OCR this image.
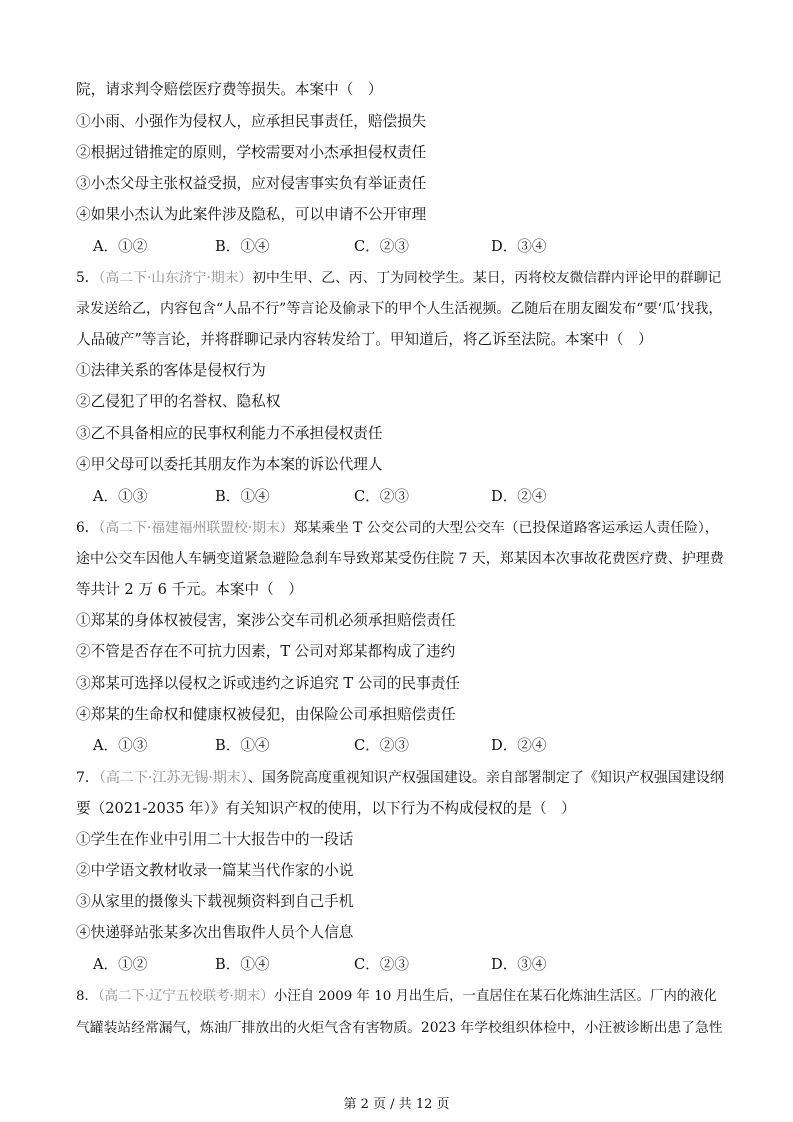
院，请求判令赔偿医疗费等损失。本案中（　）
①小雨、小强作为侵权人，应承担民事责任，赔偿损失
②根据过错推定的原则，学校需要对小杰承担侵权责任
③小杰父母主张权益受损，应对侵害事实负有举证责任
④如果小杰认为此案件涉及隐私，可以申请不公开审理
A．①②	B．①④	C．②③	D．③④
5．（高二下·山东济宁·期末）初中生甲、乙、丙、丁为同校学生。某日，丙将校友微信群内评论甲的群聊记
录发送给乙，内容包含“人品不行”等言论及偷录下的甲个人生活视频。乙随后在朋友圈发布“要‘瓜’找我，
人品破产”等言论，并将群聊记录内容转发给丁。甲知道后，将乙诉至法院。本案中（　）
①法律关系的客体是侵权行为
②乙侵犯了甲的名誉权、隐私权
③乙不具备相应的民事权利能力不承担侵权责任
④甲父母可以委托其朋友作为本案的诉讼代理人
A．①③	B．①④	C．②③	D．②④
6．（高二下·福建福州联盟校·期末）郑某乘坐 T 公交公司的大型公交车（已投保道路客运承运人责任险），
途中公交车因他人车辆变道紧急避险急刹车导致郑某受伤住院 7 天，郑某因本次事故花费医疗费、护理费
等共计 2 万 6 千元。本案中（　）
①郑某的身体权被侵害，案涉公交车司机必须承担赔偿责任
②不管是否存在不可抗力因素，T 公司对郑某都构成了违约
③郑某可选择以侵权之诉或违约之诉追究 T 公司的民事责任
④郑某的生命权和健康权被侵犯，由保险公司承担赔偿责任
A．①③	B．①④	C．②③	D．②④
7．（高二下·江苏无锡·期末）、国务院高度重视知识产权强国建设。亲自部署制定了《知识产权强国建设纲
要（2021-2035 年）》有关知识产权的使用，以下行为不构成侵权的是（　）
①学生在作业中引用二十大报告中的一段话
②中学语文教材收录一篇某当代作家的小说
③从家里的摄像头下载视频资料到自己手机
④快递驿站张某多次出售取件人员个人信息
A．①②	B．①④	C．②③	D．③④
8．（高二下·辽宁五校联考·期末）小汪自 2009 年 10 月出生后，一直居住在某石化炼油生活区。厂内的液化
气罐装站经常漏气，炼油厂排放出的火炬气含有害物质。2023 年学校组织体检中，小汪被诊断出患了急性
第 2 页 / 共 12 页
